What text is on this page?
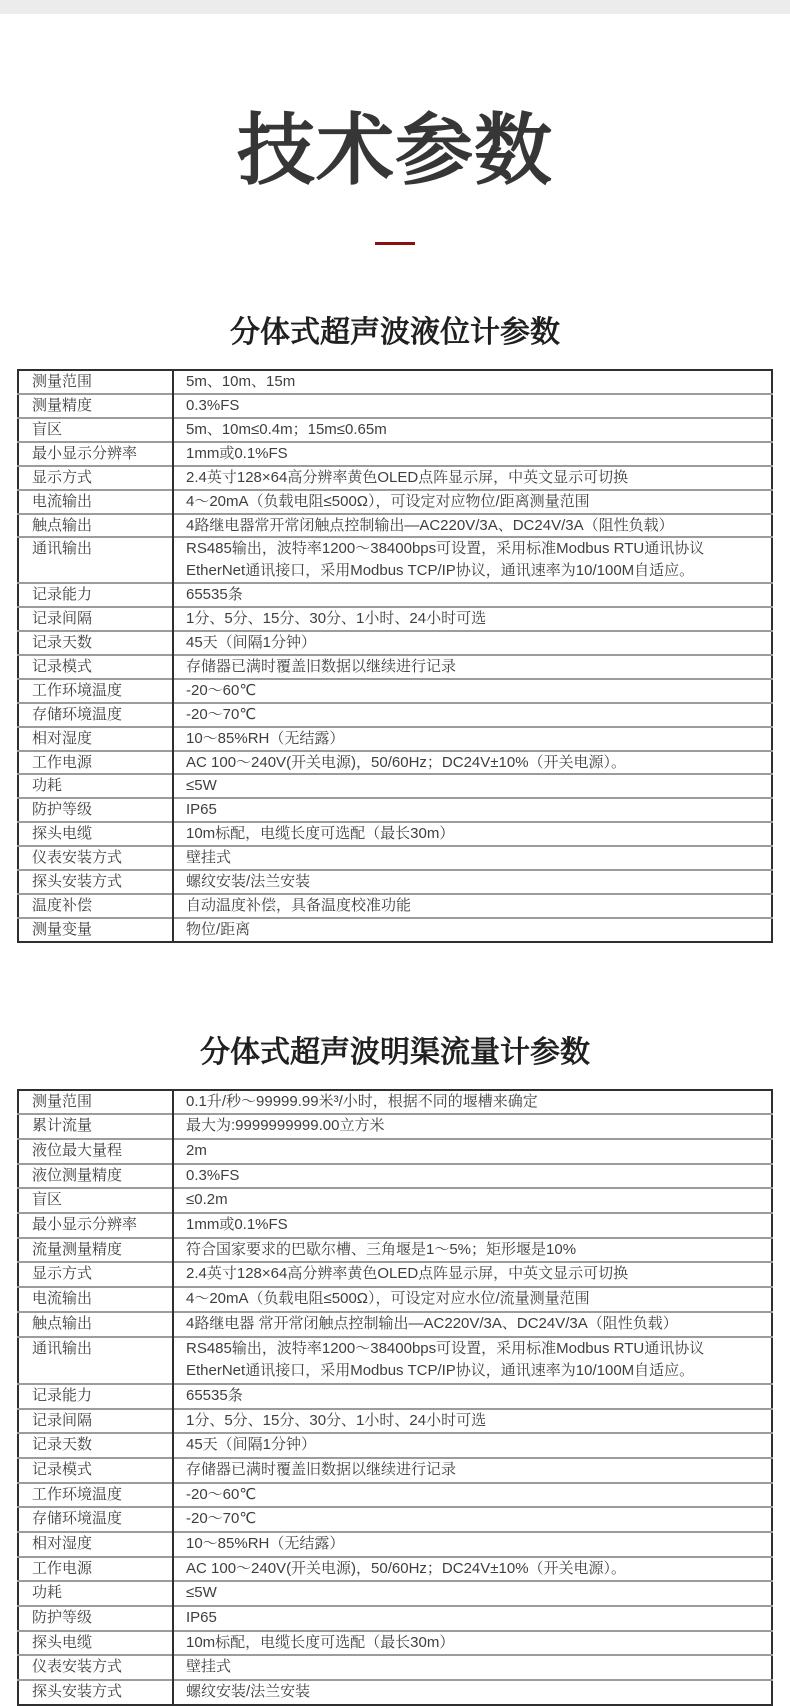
技术参数
分体式超声波液位计参数
测量范围	5m、10m、15m

测量精度	0.3%FS

盲区	5m、10m≤0.4m；15m≤0.65m

最小显示分辨率	1mm或0.1%FS

显示方式	2.4英寸128×64高分辨率黄色OLED点阵显示屏，中英文显示可切换

电流输出	4～20mA（负载电阻≤500Ω），可设定对应物位/距离测量范围

触点输出	4路继电器常开常闭触点控制输出—AC220V/3A、DC24V/3A（阻性负载）

通讯输出	RS485输出，波特率1200～38400bps可设置，采用标准Modbus RTU通讯协议
EtherNet通讯接口，采用Modbus TCP/IP协议，通讯速率为10/100M自适应。

记录能力	65535条

记录间隔	1分、5分、15分、30分、1小时、24小时可选

记录天数	45天（间隔1分钟）

记录模式	存储器已满时覆盖旧数据以继续进行记录

工作环境温度	-20～60℃

存储环境温度	-20～70℃

相对湿度	10～85%RH（无结露）

工作电源	AC 100～240V(开关电源)，50/60Hz；DC24V±10%（开关电源）。

功耗	≤5W

防护等级	IP65

探头电缆	10m标配，电缆长度可选配（最长30m）

仪表安装方式	壁挂式

探头安装方式	螺纹安装/法兰安装

温度补偿	自动温度补偿，具备温度校准功能

测量变量	物位/距离
分体式超声波明渠流量计参数
测量范围	0.1升/秒～99999.99米³/小时，根据不同的堰槽来确定

累计流量	最大为:9999999999.00立方米

液位最大量程	2m

液位测量精度	0.3%FS

盲区	≤0.2m

最小显示分辨率	1mm或0.1%FS

流量测量精度	符合国家要求的巴歇尔槽、三角堰是1～5%；矩形堰是10%

显示方式	2.4英寸128×64高分辨率黄色OLED点阵显示屏，中英文显示可切换

电流输出	4～20mA（负载电阻≤500Ω），可设定对应水位/流量测量范围

触点输出	4路继电器 常开常闭触点控制输出—AC220V/3A、DC24V/3A（阻性负载）

通讯输出	RS485输出，波特率1200～38400bps可设置，采用标准Modbus RTU通讯协议
EtherNet通讯接口，采用Modbus TCP/IP协议，通讯速率为10/100M自适应。

记录能力	65535条

记录间隔	1分、5分、15分、30分、1小时、24小时可选

记录天数	45天（间隔1分钟）

记录模式	存储器已满时覆盖旧数据以继续进行记录

工作环境温度	-20～60℃

存储环境温度	-20～70℃

相对湿度	10～85%RH（无结露）

工作电源	AC 100～240V(开关电源)，50/60Hz；DC24V±10%（开关电源）。

功耗	≤5W

防护等级	IP65

探头电缆	10m标配，电缆长度可选配（最长30m）

仪表安装方式	壁挂式

探头安装方式	螺纹安装/法兰安装
